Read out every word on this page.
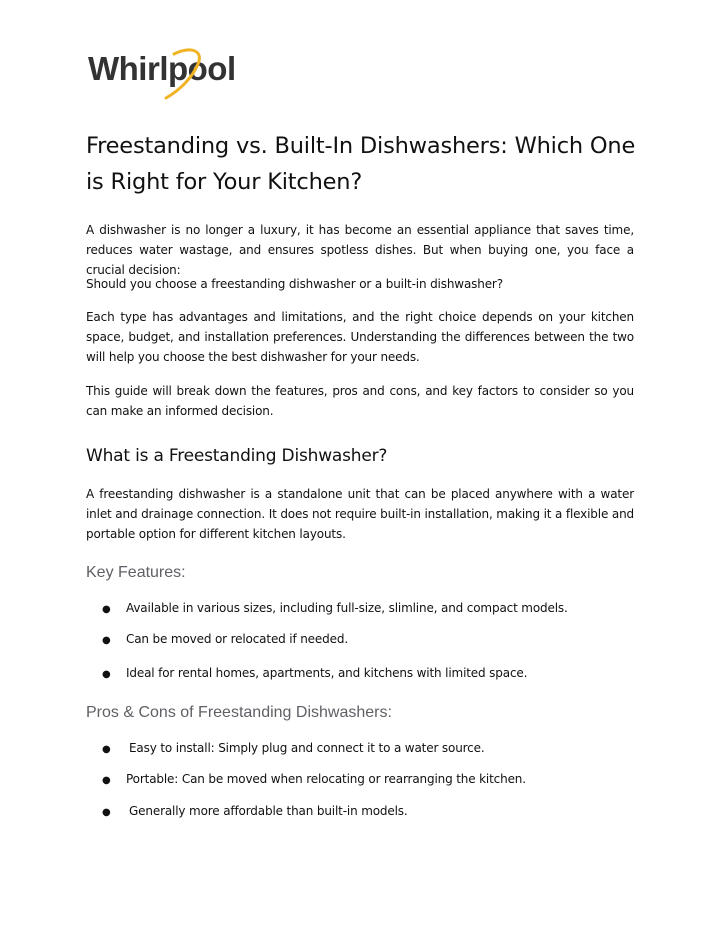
Whirlpool
Freestanding vs. Built-In Dishwashers: Which One is Right for Your Kitchen?

A dishwasher is no longer a luxury, it has become an essential appliance that saves time, reduces water wastage, and ensures spotless dishes. But when buying one, you face a crucial decision:

Should you choose a freestanding dishwasher or a built-in dishwasher?

Each type has advantages and limitations, and the right choice depends on your kitchen space, budget, and installation preferences. Understanding the differences between the two will help you choose the best dishwasher for your needs.

This guide will break down the features, pros and cons, and key factors to consider so you can make an informed decision.

What is a Freestanding Dishwasher?

A freestanding dishwasher is a standalone unit that can be placed anywhere with a water inlet and drainage connection. It does not require built-in installation, making it a flexible and portable option for different kitchen layouts.

Key Features:

● Available in various sizes, including full-size, slimline, and compact models.

● Can be moved or relocated if needed.

● Ideal for rental homes, apartments, and kitchens with limited space.

Pros & Cons of Freestanding Dishwashers:

● Easy to install: Simply plug and connect it to a water source.

● Portable: Can be moved when relocating or rearranging the kitchen.

● Generally more affordable than built-in models.
